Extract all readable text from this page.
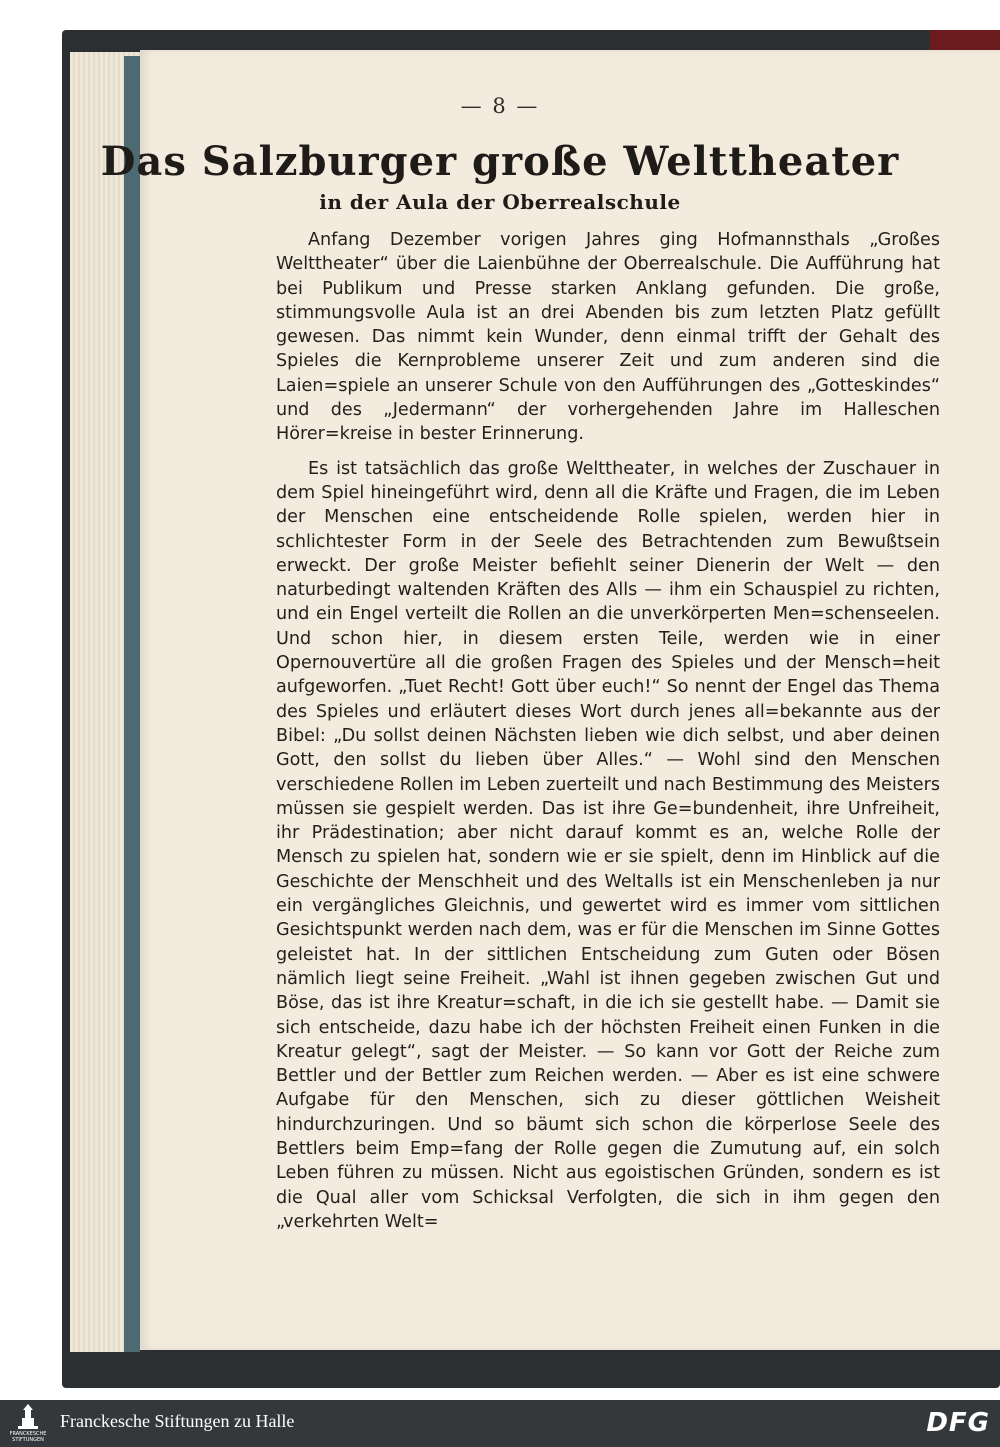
— 8 —
Das Salzburger große Welttheater
in der Aula der Oberrealschule

Anfang Dezember vorigen Jahres ging Hofmannsthals „Großes Welttheater“ über die Laienbühne der Oberrealschule. Die Aufführung hat bei Publikum und Presse starken Anklang gefunden. Die große, stimmungsvolle Aula ist an drei Abenden bis zum letzten Platz gefüllt gewesen. Das nimmt kein Wunder, denn einmal trifft der Gehalt des Spieles die Kernprobleme unserer Zeit und zum anderen sind die Laien=spiele an unserer Schule von den Aufführungen des „Gotteskindes“ und des „Jedermann“ der vorhergehenden Jahre im Halleschen Hörer=kreise in bester Erinnerung.

Es ist tatsächlich das große Welttheater, in welches der Zuschauer in dem Spiel hineingeführt wird, denn all die Kräfte und Fragen, die im Leben der Menschen eine entscheidende Rolle spielen, werden hier in schlichtester Form in der Seele des Betrachtenden zum Bewußtsein erweckt. Der große Meister befiehlt seiner Dienerin der Welt — den naturbedingt waltenden Kräften des Alls — ihm ein Schauspiel zu richten, und ein Engel verteilt die Rollen an die unverkörperten Men=schenseelen. Und schon hier, in diesem ersten Teile, werden wie in einer Opernouvertüre all die großen Fragen des Spieles und der Mensch=heit aufgeworfen. „Tuet Recht! Gott über euch!“ So nennt der Engel das Thema des Spieles und erläutert dieses Wort durch jenes all=bekannte aus der Bibel: „Du sollst deinen Nächsten lieben wie dich selbst, und aber deinen Gott, den sollst du lieben über Alles.“ — Wohl sind den Menschen verschiedene Rollen im Leben zuerteilt und nach Bestimmung des Meisters müssen sie gespielt werden. Das ist ihre Ge=bundenheit, ihre Unfreiheit, ihr Prädestination; aber nicht darauf kommt es an, welche Rolle der Mensch zu spielen hat, sondern wie er sie spielt, denn im Hinblick auf die Geschichte der Menschheit und des Weltalls ist ein Menschenleben ja nur ein vergängliches Gleichnis, und gewertet wird es immer vom sittlichen Gesichtspunkt werden nach dem, was er für die Menschen im Sinne Gottes geleistet hat. In der sittlichen Entscheidung zum Guten oder Bösen nämlich liegt seine Freiheit. „Wahl ist ihnen gegeben zwischen Gut und Böse, das ist ihre Kreatur=schaft, in die ich sie gestellt habe. — Damit sie sich entscheide, dazu habe ich der höchsten Freiheit einen Funken in die Kreatur gelegt“, sagt der Meister. — So kann vor Gott der Reiche zum Bettler und der Bettler zum Reichen werden. — Aber es ist eine schwere Aufgabe für den Menschen, sich zu dieser göttlichen Weisheit hindurchzuringen. Und so bäumt sich schon die körperlose Seele des Bettlers beim Emp=fang der Rolle gegen die Zumutung auf, ein solch Leben führen zu müssen. Nicht aus egoistischen Gründen, sondern es ist die Qual aller vom Schicksal Verfolgten, die sich in ihm gegen den „verkehrten Welt=

FRANCKESCHE STIFTUNGEN
Franckesche Stiftungen zu Halle	DFG
